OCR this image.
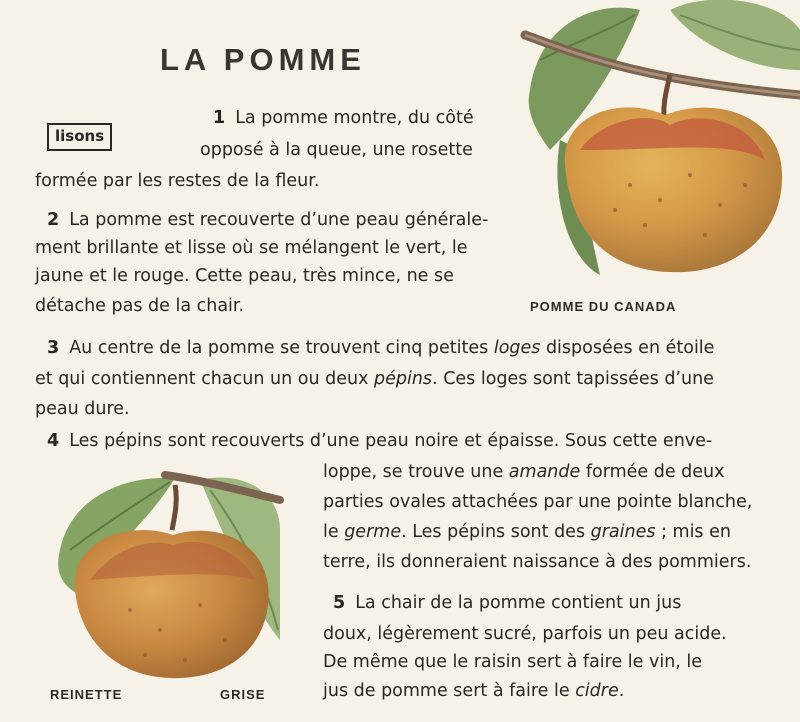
LA POMME
lisons
1 La pomme montre, du côté
opposé à la queue, une rosette
formée par les restes de la fleur.
2 La pomme est recouverte d’une peau générale-
ment brillante et lisse où se mélangent le vert, le
jaune et le rouge. Cette peau, très mince, ne se
détache pas de la chair.	POMME DU CANADA
3 Au centre de la pomme se trouvent cinq petites loges disposées en étoile
et qui contiennent chacun un ou deux pépins. Ces loges sont tapissées d’une
peau dure.
4 Les pépins sont recouverts d’une peau noire et épaisse. Sous cette enve-
loppe, se trouve une amande formée de deux
parties ovales attachées par une pointe blanche,
le germe. Les pépins sont des graines ; mis en
terre, ils donneraient naissance à des pommiers.
5 La chair de la pomme contient un jus
doux, légèrement sucré, parfois un peu acide.
De même que le raisin sert à faire le vin, le
jus de pomme sert à faire le cidre.
REINETTE	GRISE
